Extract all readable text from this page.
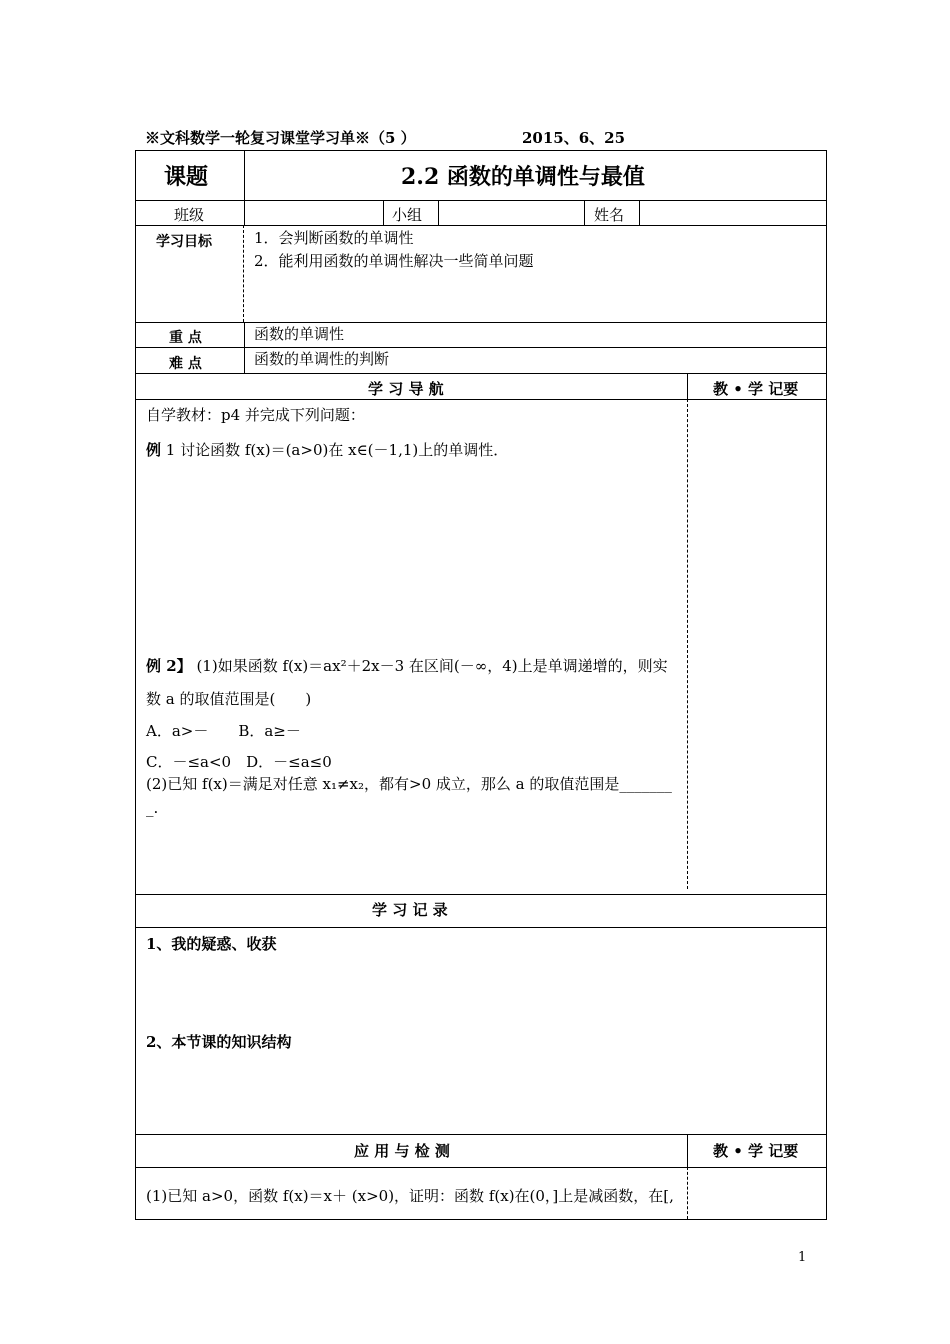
※文科数学一轮复习课堂学习单※（5 ）	2015、6、25
课题	2.2 函数的单调性与最值
班级	小组	姓名
学习目标	1．会判断函数的单调性
2．能利用函数的单调性解决一些简单问题
重 点	函数的单调性
难 点	函数的单调性的判断
学 习 导 航	教 • 学 记要
自学教材：p4 并完成下列问题：
例 1 讨论函数 f(x)＝(a>0)在 x∈(－1,1)上的单调性．
例 2】 (1)如果函数 f(x)＝ax²＋2x－3 在区间(－∞，4)上是单调递增的，则实
数 a 的取值范围是(　　)
A．a>－　　B．a≥－
C．－≤a<0　D．－≤a≤0
(2)已知 f(x)＝满足对任意 x₁≠x₂，都有>0 成立，那么 a 的取值范围是_______
_.
学 习 记 录
1、我的疑惑、收获
2、本节课的知识结构
应 用 与 检 测	教 • 学 记要
(1)已知 a>0，函数 f(x)＝x＋ (x>0)，证明：函数 f(x)在(0，]上是减函数，在[,
1
